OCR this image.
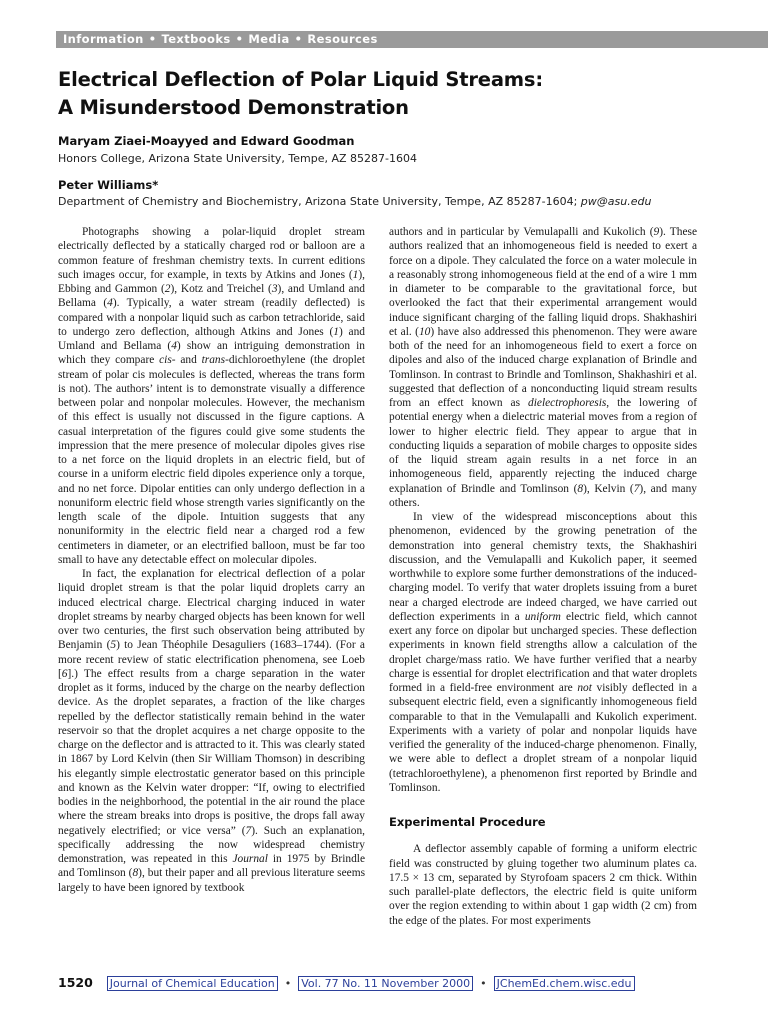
Information • Textbooks • Media • Resources
Electrical Deflection of Polar Liquid Streams:
A Misunderstood Demonstration
Maryam Ziaei-Moayyed and Edward Goodman
Honors College, Arizona State University, Tempe, AZ 85287-1604
Peter Williams*
Department of Chemistry and Biochemistry, Arizona State University, Tempe, AZ 85287-1604; pw@asu.edu

Photographs showing a polar-liquid droplet stream electrically deflected by a statically charged rod or balloon are a common feature of freshman chemistry texts. In current editions such images occur, for example, in texts by Atkins and Jones (1), Ebbing and Gammon (2), Kotz and Treichel (3), and Umland and Bellama (4). Typically, a water stream (readily deflected) is compared with a nonpolar liquid such as carbon tetrachloride, said to undergo zero deflection, although Atkins and Jones (1) and Umland and Bellama (4) show an intriguing demonstration in which they compare cis- and trans-dichloroethylene (the droplet stream of polar cis molecules is deflected, whereas the trans form is not). The authors’ intent is to demonstrate visually a difference between polar and nonpolar molecules. However, the mechanism of this effect is usually not discussed in the figure captions. A casual interpretation of the figures could give some students the impression that the mere presence of molecular dipoles gives rise to a net force on the liquid droplets in an electric field, but of course in a uniform electric field dipoles experience only a torque, and no net force. Dipolar entities can only undergo deflection in a nonuniform electric field whose strength varies significantly on the length scale of the dipole. Intuition suggests that any nonuniformity in the electric field near a charged rod a few centimeters in diameter, or an electrified balloon, must be far too small to have any detectable effect on molecular dipoles.

In fact, the explanation for electrical deflection of a polar liquid droplet stream is that the polar liquid droplets carry an induced electrical charge. Electrical charging induced in water droplet streams by nearby charged objects has been known for well over two centuries, the first such observation being attributed by Benjamin (5) to Jean Théophile Desaguliers (1683–1744). (For a more recent review of static electrification phenomena, see Loeb [6].) The effect results from a charge separation in the water droplet as it forms, induced by the charge on the nearby deflection device. As the droplet separates, a fraction of the like charges repelled by the deflector statistically remain behind in the water reservoir so that the droplet acquires a net charge opposite to the charge on the deflector and is attracted to it. This was clearly stated in 1867 by Lord Kelvin (then Sir William Thomson) in describing his elegantly simple electrostatic generator based on this principle and known as the Kelvin water dropper: “If, owing to electrified bodies in the neighborhood, the potential in the air round the place where the stream breaks into drops is positive, the drops fall away negatively electrified; or vice versa” (7). Such an explanation, specifically addressing the now widespread chemistry demonstration, was repeated in this Journal in 1975 by Brindle and Tomlinson (8), but their paper and all previous literature seems largely to have been ignored by textbook

authors and in particular by Vemulapalli and Kukolich (9). These authors realized that an inhomogeneous field is needed to exert a force on a dipole. They calculated the force on a water molecule in a reasonably strong inhomogeneous field at the end of a wire 1 mm in diameter to be comparable to the gravitational force, but overlooked the fact that their experimental arrangement would induce significant charging of the falling liquid drops. Shakhashiri et al. (10) have also addressed this phenomenon. They were aware both of the need for an inhomogeneous field to exert a force on dipoles and also of the induced charge explanation of Brindle and Tomlinson. In contrast to Brindle and Tomlinson, Shakhashiri et al. suggested that deflection of a nonconducting liquid stream results from an effect known as dielectrophoresis, the lowering of potential energy when a dielectric material moves from a region of lower to higher electric field. They appear to argue that in conducting liquids a separation of mobile charges to opposite sides of the liquid stream again results in a net force in an inhomogeneous field, apparently rejecting the induced charge explanation of Brindle and Tomlinson (8), Kelvin (7), and many others.

In view of the widespread misconceptions about this phenomenon, evidenced by the growing penetration of the demonstration into general chemistry texts, the Shakhashiri discussion, and the Vemulapalli and Kukolich paper, it seemed worthwhile to explore some further demonstrations of the induced-charging model. To verify that water droplets issuing from a buret near a charged electrode are indeed charged, we have carried out deflection experiments in a uniform electric field, which cannot exert any force on dipolar but uncharged species. These deflection experiments in known field strengths allow a calculation of the droplet charge/mass ratio. We have further verified that a nearby charge is essential for droplet electrification and that water droplets formed in a field-free environment are not visibly deflected in a subsequent electric field, even a significantly inhomogeneous field comparable to that in the Vemulapalli and Kukolich experiment. Experiments with a variety of polar and nonpolar liquids have verified the generality of the induced-charge phenomenon. Finally, we were able to deflect a droplet stream of a nonpolar liquid (tetrachloroethylene), a phenomenon first reported by Brindle and Tomlinson.

Experimental Procedure

A deflector assembly capable of forming a uniform electric field was constructed by gluing together two aluminum plates ca. 17.5 × 13 cm, separated by Styrofoam spacers 2 cm thick. Within such parallel-plate deflectors, the electric field is quite uniform over the region extending to within about 1 gap width (2 cm) from the edge of the plates. For most experiments

1520 Journal of Chemical Education • Vol. 77 No. 11 November 2000 • JChemEd.chem.wisc.edu
